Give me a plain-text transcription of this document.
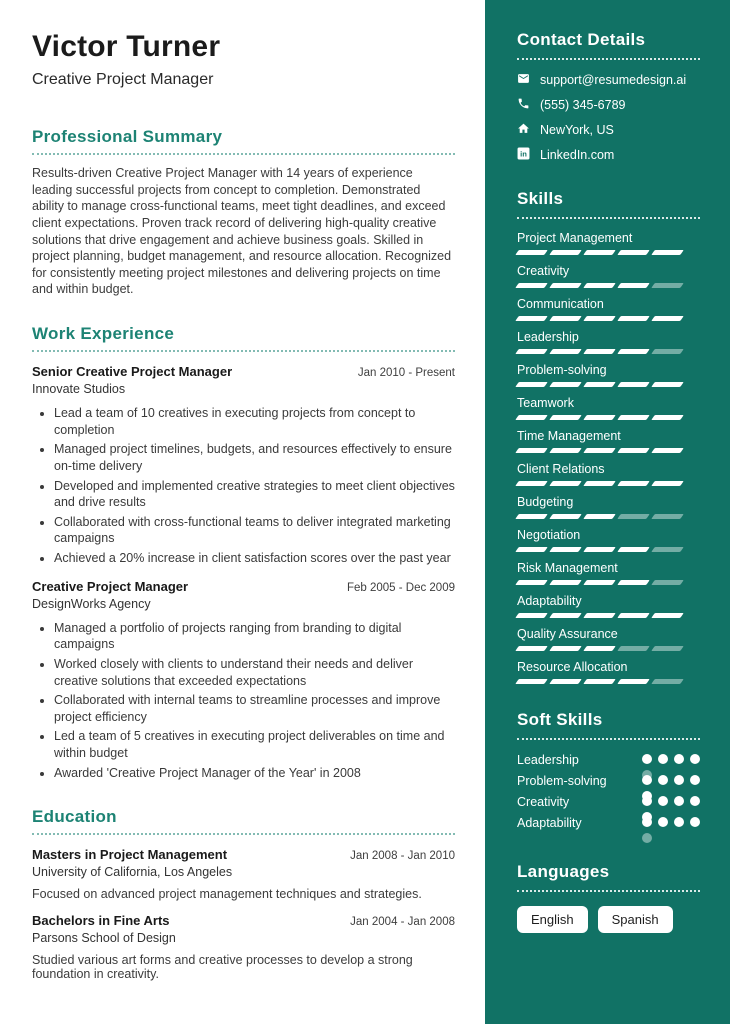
Victor Turner
Creative Project Manager
Professional Summary

Results-driven Creative Project Manager with 14 years of experience leading successful projects from concept to completion. Demonstrated ability to manage cross-functional teams, meet tight deadlines, and exceed client expectations. Proven track record of delivering high-quality creative solutions that drive engagement and achieve business goals. Skilled in project planning, budget management, and resource allocation. Recognized for consistently meeting project milestones and delivering projects on time and within budget.

Work Experience
Senior Creative Project Manager	Jan 2010 - Present
Innovate Studios
• Lead a team of 10 creatives in executing projects from concept to completion
• Managed project timelines, budgets, and resources effectively to ensure on-time delivery
• Developed and implemented creative strategies to meet client objectives and drive results
• Collaborated with cross-functional teams to deliver integrated marketing campaigns
• Achieved a 20% increase in client satisfaction scores over the past year
Creative Project Manager	Feb 2005 - Dec 2009
DesignWorks Agency
• Managed a portfolio of projects ranging from branding to digital campaigns
• Worked closely with clients to understand their needs and deliver creative solutions that exceeded expectations
• Collaborated with internal teams to streamline processes and improve project efficiency
• Led a team of 5 creatives in executing project deliverables on time and within budget
• Awarded 'Creative Project Manager of the Year' in 2008
Education
Masters in Project Management	Jan 2008 - Jan 2010
University of California, Los Angeles
Focused on advanced project management techniques and strategies.
Bachelors in Fine Arts	Jan 2004 - Jan 2008
Parsons School of Design
Studied various art forms and creative processes to develop a strong foundation in creativity.
Contact Details
support@resumedesign.ai
(555) 345-6789
NewYork, US
in LinkedIn.com
Skills
Project Management
Creativity
Communication
Leadership
Problem-solving
Teamwork
Time Management
Client Relations
Budgeting
Negotiation
Risk Management
Adaptability
Quality Assurance
Resource Allocation
Soft Skills
Leadership
Problem-solving
Creativity
Adaptability
Languages
English	Spanish
